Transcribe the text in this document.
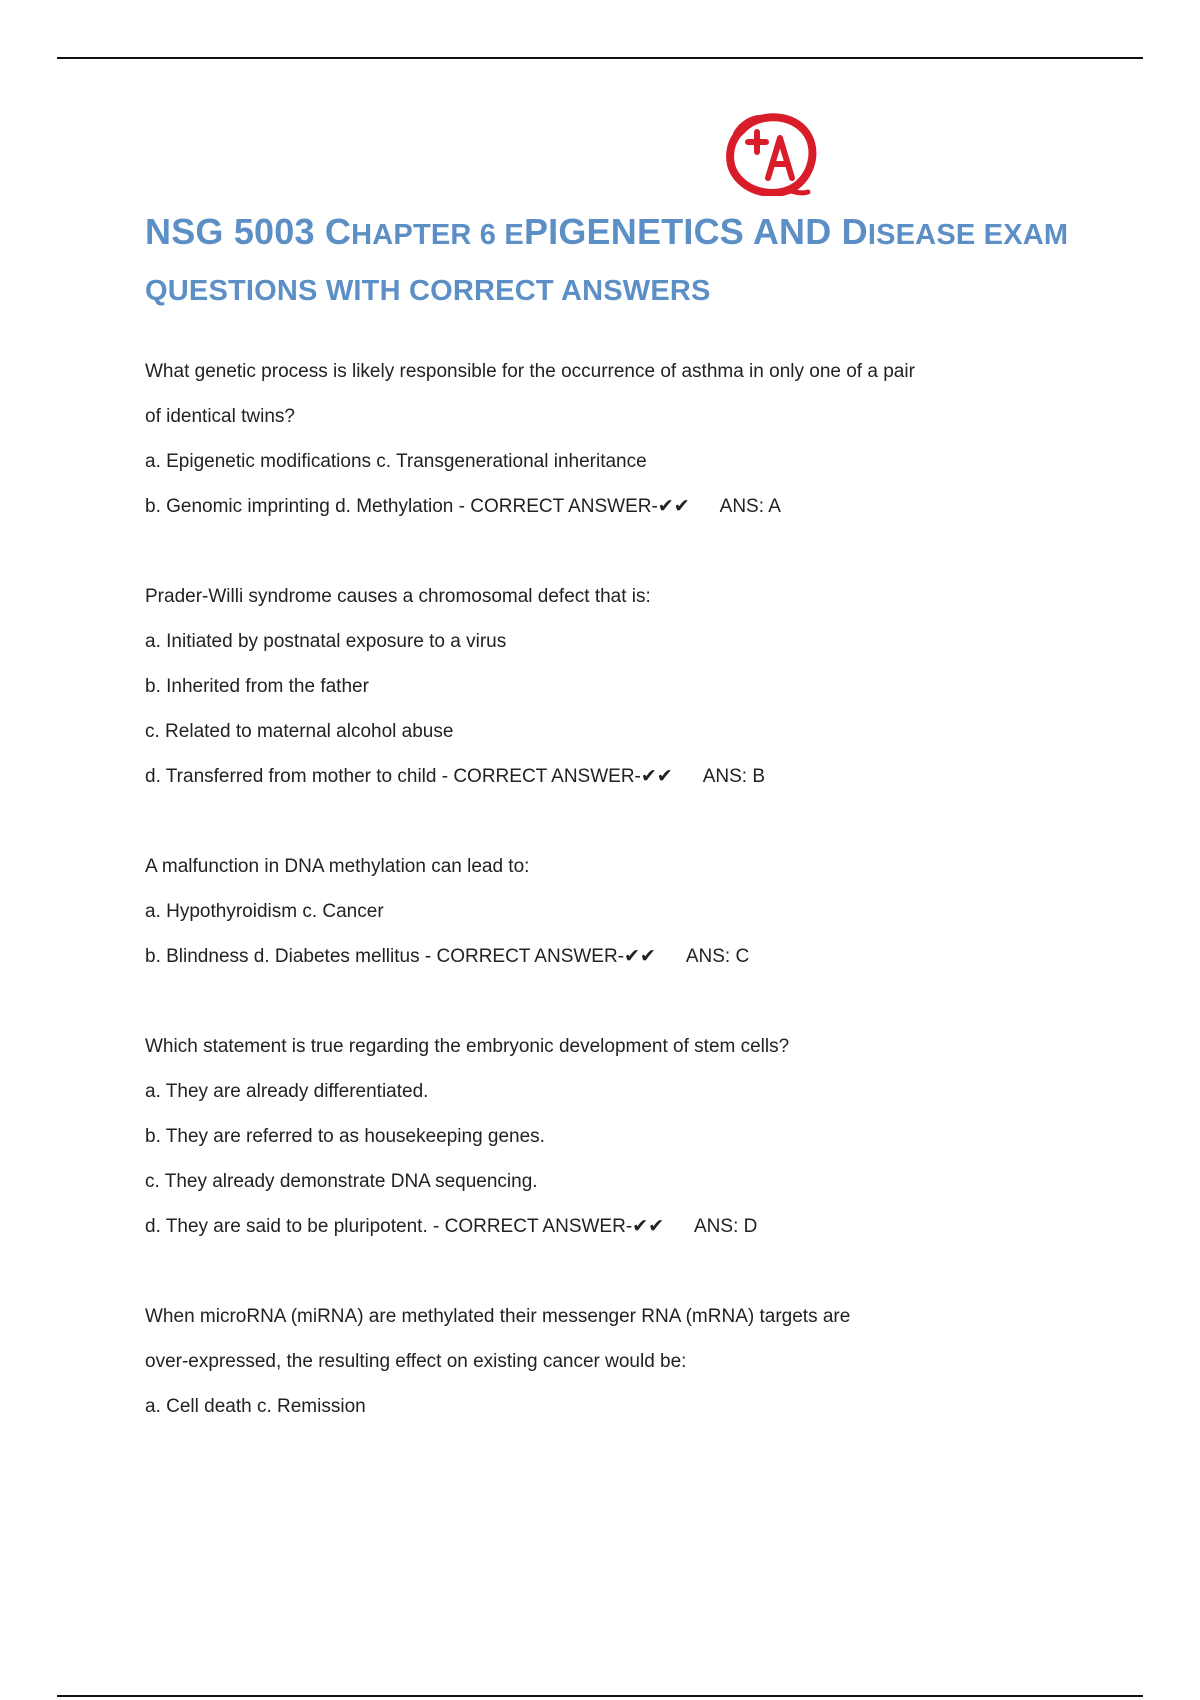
NSG 5003 CHAPTER 6 EPIGENETICS AND DISEASE EXAM QUESTIONS WITH CORRECT ANSWERS
What genetic process is likely responsible for the occurrence of asthma in only one of a pair
of identical twins?
a. Epigenetic modifications c. Transgenerational inheritance
b. Genomic imprinting d. Methylation - CORRECT ANSWER-✔✔ ANS: A
Prader-Willi syndrome causes a chromosomal defect that is:
a. Initiated by postnatal exposure to a virus
b. Inherited from the father
c. Related to maternal alcohol abuse
d. Transferred from mother to child - CORRECT ANSWER-✔✔ ANS: B
A malfunction in DNA methylation can lead to:
a. Hypothyroidism c. Cancer
b. Blindness d. Diabetes mellitus - CORRECT ANSWER-✔✔ ANS: C
Which statement is true regarding the embryonic development of stem cells?
a. They are already differentiated.
b. They are referred to as housekeeping genes.
c. They already demonstrate DNA sequencing.
d. They are said to be pluripotent. - CORRECT ANSWER-✔✔ ANS: D
When microRNA (miRNA) are methylated their messenger RNA (mRNA) targets are
over-expressed, the resulting effect on existing cancer would be:
a. Cell death c. Remission
